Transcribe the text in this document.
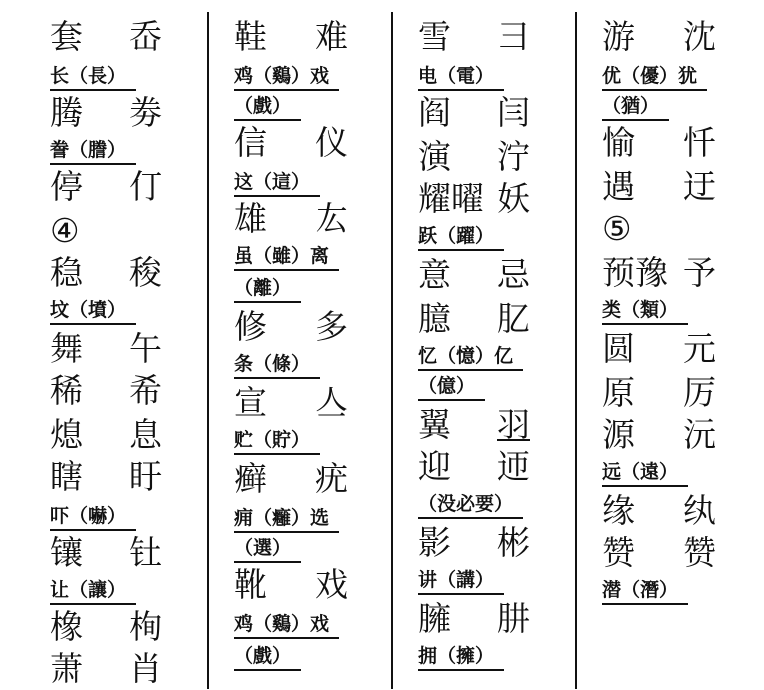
套 岙
长（長）
腾 劵
誊（謄）
停 仃
④
稳 稄
坟（墳）
舞 午
稀 希
熄 息
瞎 盱
吓（嚇）
镶 钍
让（讓）
橡 栒
萧 肖
鞋 难
鸡（鷄）戏
（戲）
信 仪
这（這）
雄 厷
虽（雖）离
（離）
修 多
条（條）
宣 亼
贮（貯）
癣 疣
痈（癰）选
（選）
靴 戏
鸡（鷄）戏
（戲）
雪 彐
电（電）
阎 闫
演 泞
耀曜 妖
跃（躍）
意 忌
臆 肊
忆（憶）亿
（億）
翼 羽
迎 迊
（没必要）
影 彬
讲（講）
臃 肼
拥（擁）
游 沈
优（優）犹
（猶）
愉 忏
遇 迂
⑤
预豫 予
类（類）
圆 元
原 厉
源 沅
远（遠）
缘 纨
赞 赞
潜（潛）
